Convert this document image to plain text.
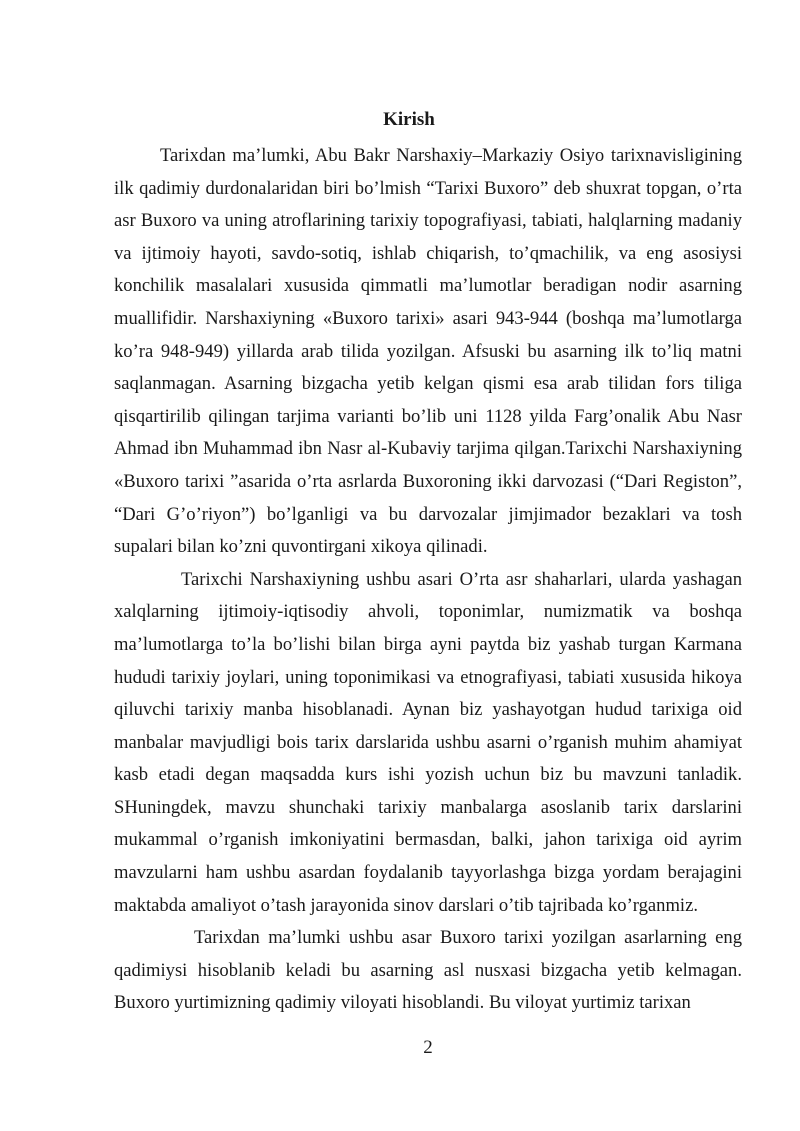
Kirish

Tarixdan ma’lumki, Abu Bakr Narshaxiy–Markaziy Osiyo tarixnavisligining ilk qadimiy durdonalaridan biri bo’lmish “Tarixi Buxoro” deb shuxrat topgan, o’rta asr Buxoro va uning atroflarining tarixiy topografiyasi, tabiati, halqlarning madaniy va ijtimoiy hayoti, savdo-sotiq, ishlab chiqarish, to’qmachilik, va eng asosiysi konchilik masalalari xususida qimmatli ma’lumotlar beradigan nodir asarning muallifidir. Narshaxiyning «Buxoro tarixi» asari 943-944 (boshqa ma’lumotlarga ko’ra 948-949) yillarda arab tilida yozilgan. Afsuski bu asarning ilk to’liq matni saqlanmagan. Asarning bizgacha yetib kelgan qismi esa arab tilidan fors tiliga qisqartirilib qilingan tarjima varianti bo’lib uni 1128 yilda Farg’onalik Abu Nasr Ahmad ibn Muhammad ibn Nasr al-Kubaviy tarjima qilgan.Tarixchi Narshaxiyning «Buxoro tarixi ”asarida o’rta asrlarda Buxoroning ikki darvozasi (“Dari Registon”, “Dari G’o’riyon”) bo’lganligi va bu darvozalar jimjimador bezaklari va tosh supalari bilan ko’zni quvontirgani xikoya qilinadi.

Tarixchi Narshaxiyning ushbu asari O’rta asr shaharlari, ularda yashagan xalqlarning ijtimoiy-iqtisodiy ahvoli, toponimlar, numizmatik va boshqa ma’lumotlarga to’la bo’lishi bilan birga ayni paytda biz yashab turgan Karmana hududi tarixiy joylari, uning toponimikasi va etnografiyasi, tabiati xususida hikoya qiluvchi tarixiy manba hisoblanadi. Aynan biz yashayotgan hudud tarixiga oid manbalar mavjudligi bois tarix darslarida ushbu asarni o’rganish muhim ahamiyat kasb etadi degan maqsadda kurs ishi yozish uchun biz bu mavzuni tanladik. SHuningdek, mavzu shunchaki tarixiy manbalarga asoslanib tarix darslarini mukammal o’rganish imkoniyatini bermasdan, balki, jahon tarixiga oid ayrim mavzularni ham ushbu asardan foydalanib tayyorlashga bizga yordam berajagini maktabda amaliyot o’tash jarayonida sinov darslari o’tib tajribada ko’rganmiz.

Tarixdan ma’lumki ushbu asar Buxoro tarixi yozilgan asarlarning eng qadimiysi hisoblanib keladi bu asarning asl nusxasi bizgacha yetib kelmagan. Buxoro yurtimizning qadimiy viloyati hisoblandi. Bu viloyat yurtimiz tarixan

2
